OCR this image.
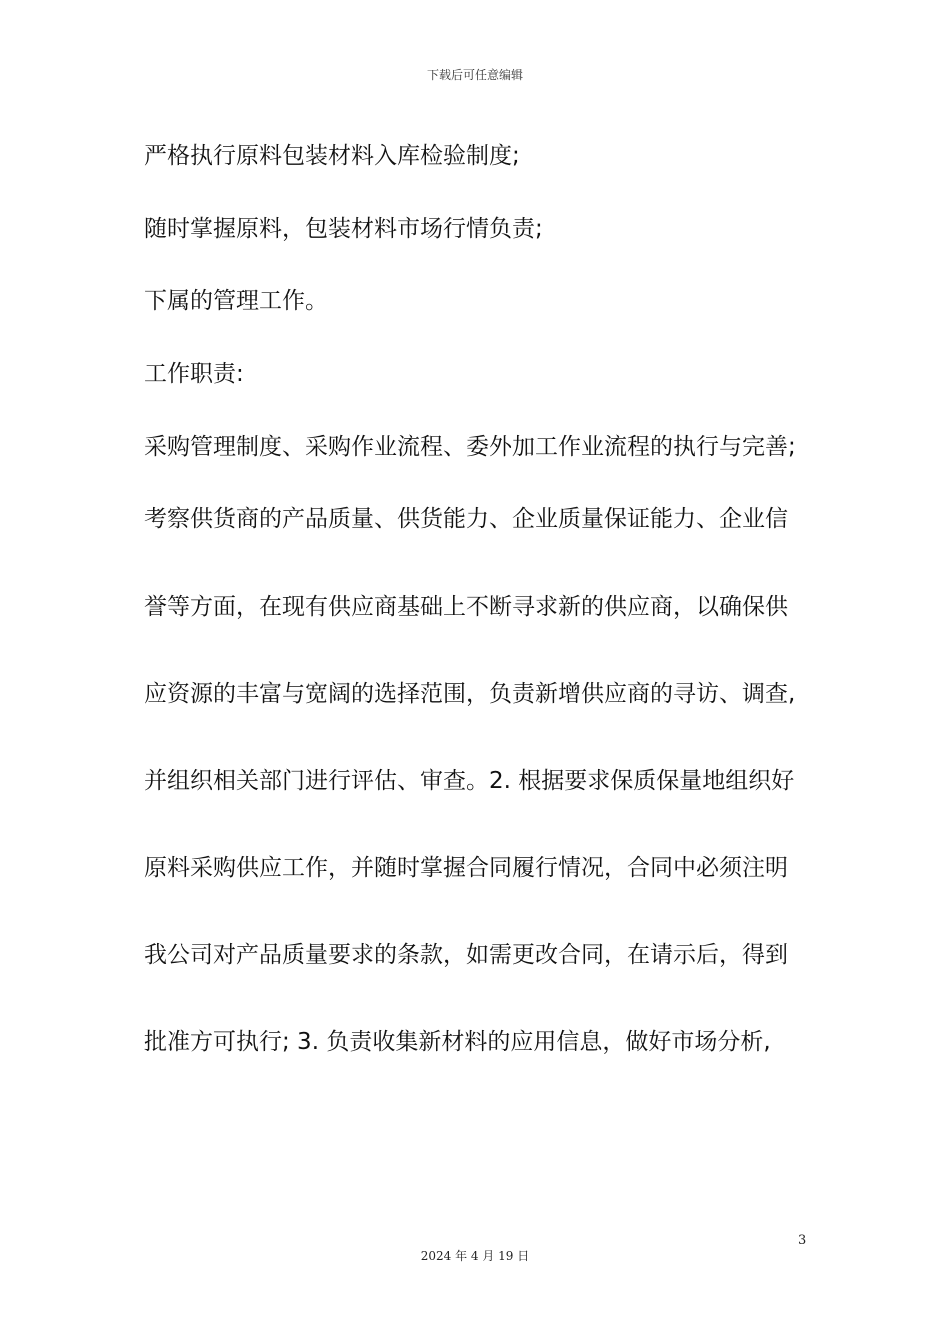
下载后可任意编辑
严格执行原料包装材料入库检验制度;
随时掌握原料，包装材料市场行情负责;
下属的管理工作。
工作职责:
采购管理制度、采购作业流程、委外加工作业流程的执行与完善;
考察供货商的产品质量、供货能力、企业质量保证能力、企业信
誉等方面，在现有供应商基础上不断寻求新的供应商，以确保供
应资源的丰富与宽阔的选择范围，负责新增供应商的寻访、调查,
并组织相关部门进行评估、审查。2. 根据要求保质保量地组织好
原料采购供应工作，并随时掌握合同履行情况，合同中必须注明
我公司对产品质量要求的条款，如需更改合同，在请示后，得到
批准方可执行; 3. 负责收集新材料的应用信息，做好市场分析,
3
2024 年 4 月 19 日
